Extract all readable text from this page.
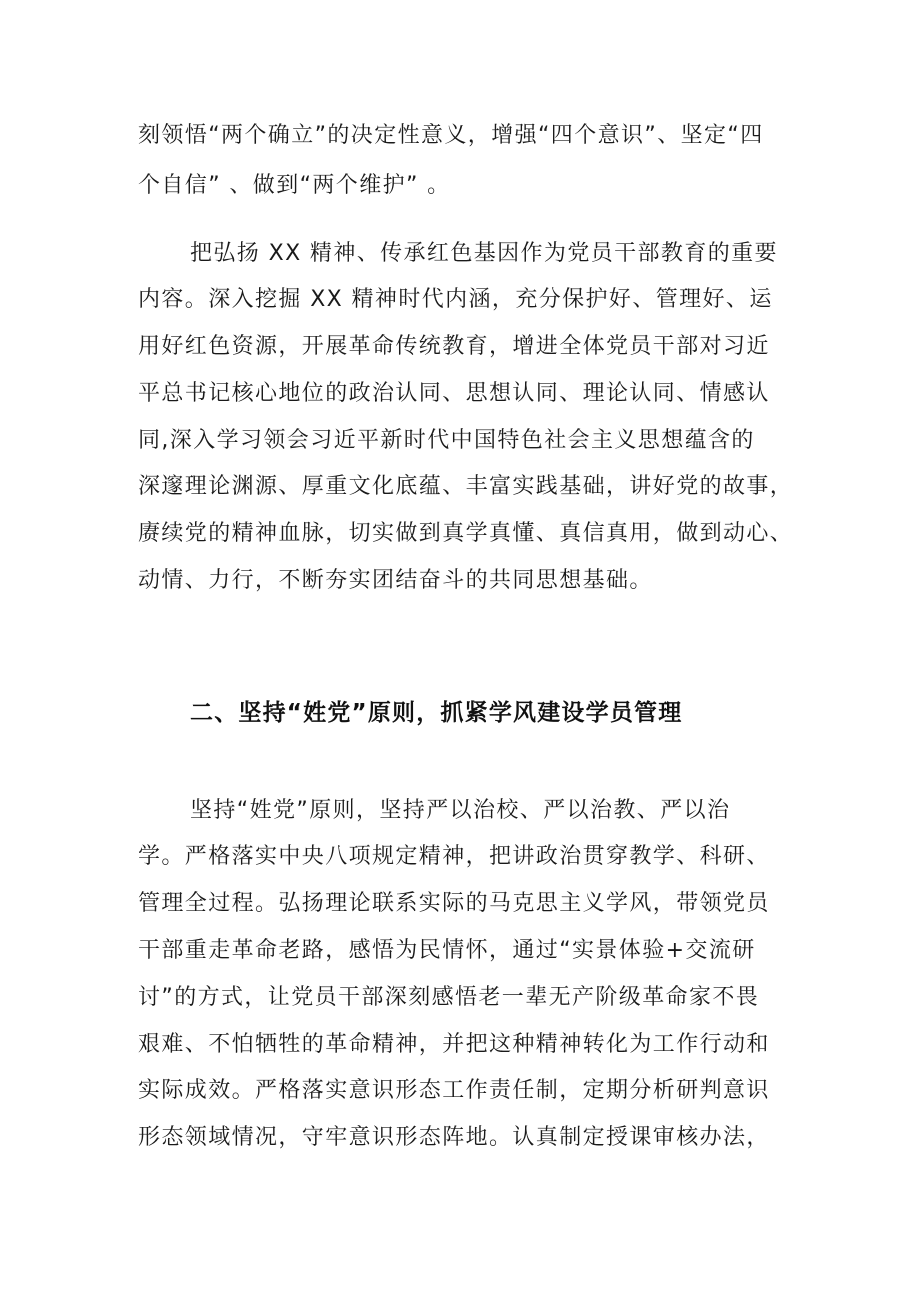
刻领悟“两个确立”的决定性意义，增强“四个意识”、坚定“四
个自信” 、做到“两个维护” 。
把弘扬 XX 精神、传承红色基因作为党员干部教育的重要
内容。深入挖掘 XX 精神时代内涵，充分保护好、管理好、运
用好红色资源，开展革命传统教育，增进全体党员干部对习近
平总书记核心地位的政治认同、思想认同、理论认同、情感认
同,深入学习领会习近平新时代中国特色社会主义思想蕴含的
深邃理论渊源、厚重文化底蕴、丰富实践基础，讲好党的故事，
赓续党的精神血脉，切实做到真学真懂、真信真用，做到动心、
动情、力行，不断夯实团结奋斗的共同思想基础。
二、坚持“姓党”原则，抓紧学风建设学员管理
坚持“姓党”原则，坚持严以治校、严以治教、严以治
学。严格落实中央八项规定精神，把讲政治贯穿教学、科研、
管理全过程。弘扬理论联系实际的马克思主义学风，带领党员
干部重走革命老路，感悟为民情怀，通过“实景体验+交流研
讨”的方式，让党员干部深刻感悟老一辈无产阶级革命家不畏
艰难、不怕牺牲的革命精神，并把这种精神转化为工作行动和
实际成效。严格落实意识形态工作责任制，定期分析研判意识
形态领域情况，守牢意识形态阵地。认真制定授课审核办法，
